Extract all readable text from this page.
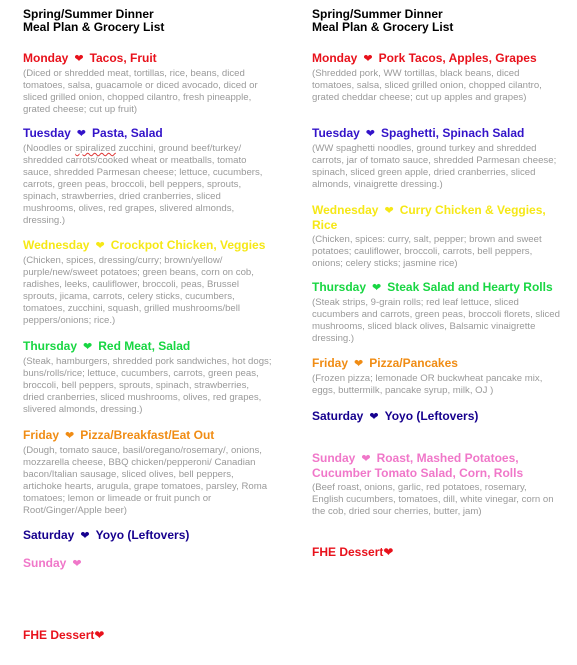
Spring/Summer Dinner
Meal Plan & Grocery List
Monday ❤ Tacos, Fruit
(Diced or shredded meat, tortillas, rice, beans, diced tomatoes, salsa, guacamole or diced avocado, diced or sliced grilled onion, chopped cilantro, fresh pineapple, grated cheese; cut up fruit)
Tuesday ❤ Pasta, Salad
(Noodles or spiralized zucchini, ground beef/turkey/ shredded carrots/cooked wheat or meatballs, tomato sauce, shredded Parmesan cheese; lettuce, cucumbers, carrots, green peas, broccoli, bell peppers, sprouts, spinach, strawberries, dried cranberries, sliced mushrooms, olives, red grapes, slivered almonds, dressing.)
Wednesday ❤ Crockpot Chicken, Veggies
(Chicken, spices, dressing/curry; brown/yellow/ purple/new/sweet potatoes; green beans, corn on cob, radishes, leeks, cauliflower, broccoli, peas, Brussel sprouts, jicama, carrots, celery sticks, cucumbers, tomatoes, zucchini, squash, grilled mushrooms/bell peppers/onions; rice.)
Thursday ❤ Red Meat, Salad
(Steak, hamburgers, shredded pork sandwiches, hot dogs; buns/rolls/rice; lettuce, cucumbers, carrots, green peas, broccoli, bell peppers, sprouts, spinach, strawberries, dried cranberries, sliced mushrooms, olives, red grapes, slivered almonds, dressing.)
Friday ❤ Pizza/Breakfast/Eat Out
(Dough, tomato sauce, basil/oregano/rosemary/, onions, mozzarella cheese, BBQ chicken/pepperoni/ Canadian bacon/Italian sausage, sliced olives, bell peppers, artichoke hearts, arugula, grape tomatoes, parsley, Roma tomatoes; lemon or limeade or fruit punch or Root/Ginger/Apple beer)
Saturday ❤ Yoyo (Leftovers)
Sunday ❤
FHE Dessert❤
Spring/Summer Dinner
Meal Plan & Grocery List
Monday ❤ Pork Tacos, Apples, Grapes
(Shredded pork, WW tortillas, black beans, diced tomatoes, salsa, sliced grilled onion, chopped cilantro, grated cheddar cheese; cut up apples and grapes)
Tuesday ❤ Spaghetti, Spinach Salad
(WW spaghetti noodles, ground turkey and shredded carrots, jar of tomato sauce, shredded Parmesan cheese; spinach, sliced green apple, dried cranberries, sliced almonds, vinaigrette dressing.)
Wednesday ❤ Curry Chicken & Veggies, Rice
(Chicken, spices: curry, salt, pepper; brown and sweet potatoes; cauliflower, broccoli, carrots, bell peppers, onions; celery sticks; jasmine rice)
Thursday ❤ Steak Salad and Hearty Rolls
(Steak strips, 9-grain rolls; red leaf lettuce, sliced cucumbers and carrots, green peas, broccoli florets, sliced mushrooms, sliced black olives, Balsamic vinaigrette dressing.)
Friday ❤ Pizza/Pancakes
(Frozen pizza; lemonade OR buckwheat pancake mix, eggs, buttermilk, pancake syrup, milk, OJ )
Saturday ❤ Yoyo (Leftovers)
Sunday ❤ Roast, Mashed Potatoes, Cucumber Tomato Salad, Corn, Rolls
(Beef roast, onions, garlic, red potatoes, rosemary, English cucumbers, tomatoes, dill, white vinegar, corn on the cob, dried sour cherries, butter, jam)
FHE Dessert❤
